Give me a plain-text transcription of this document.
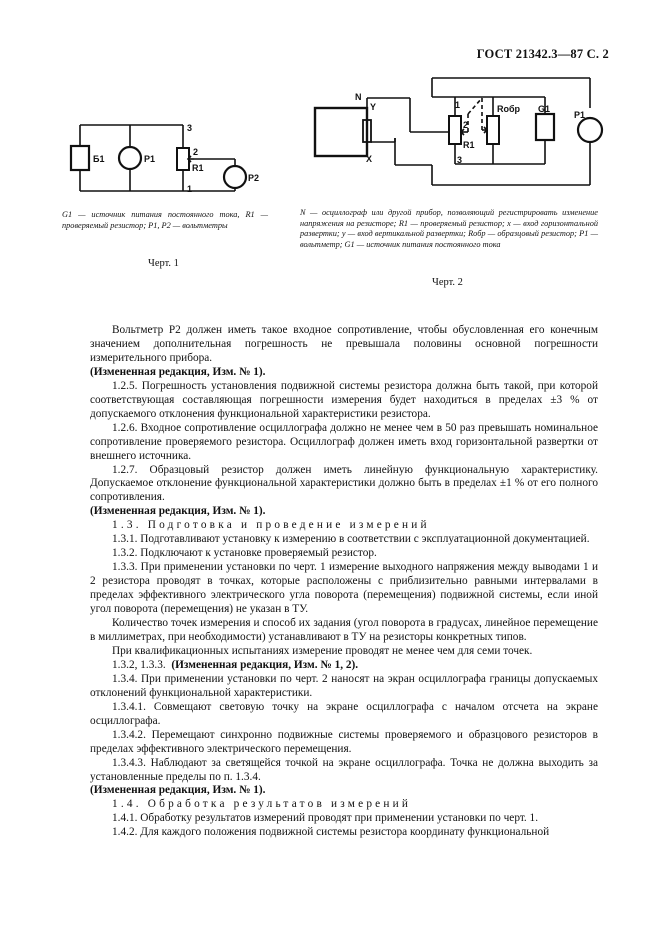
ГОСТ 21342.3—87 С. 2
Б1	Р1
3
2
R1
1
Р2
G1 — источник питания постоянного тока, R1 — проверяемый резистор; Р1, Р2 — вольтметры
Черт. 1
N
Y
X
1
2
R1
3
Rобр G1
Р1
N — осциллограф или другой прибор, позволяющий регистрировать изменение напряжения на резисторе; R1 — проверяемый резистор; x — вход горизонтальной развертки; y — вход вертикальной развертки; Rобр — образцовый резистор; Р1 — вольтметр; G1 — источник питания постоянного тока
Черт. 2

Вольтметр Р2 должен иметь такое входное сопротивление, чтобы обусловленная его конечным значением дополнительная погрешность не превышала половины основной погрешности измерительного прибора.

(Измененная редакция, Изм. № 1).

1.2.5. Погрешность установления подвижной системы резистора должна быть такой, при которой соответствующая составляющая погрешности измерения будет находиться в пределах ±3 % от допускаемого отклонения функциональной характеристики резистора.

1.2.6. Входное сопротивление осциллографа должно не менее чем в 50 раз превышать номинальное сопротивление проверяемого резистора. Осциллограф должен иметь вход горизонтальной развертки от внешнего источника.

1.2.7. Образцовый резистор должен иметь линейную функциональную характеристику. Допускаемое отклонение функциональной характеристики должно быть в пределах ±1 % от его полного сопротивления.

(Измененная редакция, Изм. № 1).

1.3. Подготовка и проведение измерений

1.3.1. Подготавливают установку к измерению в соответствии с эксплуатационной документацией.

1.3.2. Подключают к установке проверяемый резистор.

1.3.3. При применении установки по черт. 1 измерение выходного напряжения между выводами 1 и 2 резистора проводят в точках, которые расположены с приблизительно равными интервалами в пределах эффективного электрического угла поворота (перемещения) подвижной системы, если иной угол поворота (перемещения) не указан в ТУ.

Количество точек измерения и способ их задания (угол поворота в градусах, линейное перемещение в миллиметрах, при необходимости) устанавливают в ТУ на резисторы конкретных типов.

При квалификационных испытаниях измерение проводят не менее чем для семи точек.

1.3.2, 1.3.3. (Измененная редакция, Изм. № 1, 2).

1.3.4. При применении установки по черт. 2 наносят на экран осциллографа границы допускаемых отклонений функциональной характеристики.

1.3.4.1. Совмещают световую точку на экране осциллографа с началом отсчета на экране осциллографа.

1.3.4.2. Перемещают синхронно подвижные системы проверяемого и образцового резисторов в пределах эффективного электрического перемещения.

1.3.4.3. Наблюдают за светящейся точкой на экране осциллографа. Точка не должна выходить за установленные пределы по п. 1.3.4.

(Измененная редакция, Изм. № 1).

1.4. Обработка результатов измерений

1.4.1. Обработку результатов измерений проводят при применении установки по черт. 1.

1.4.2. Для каждого положения подвижной системы резистора координату функциональной
